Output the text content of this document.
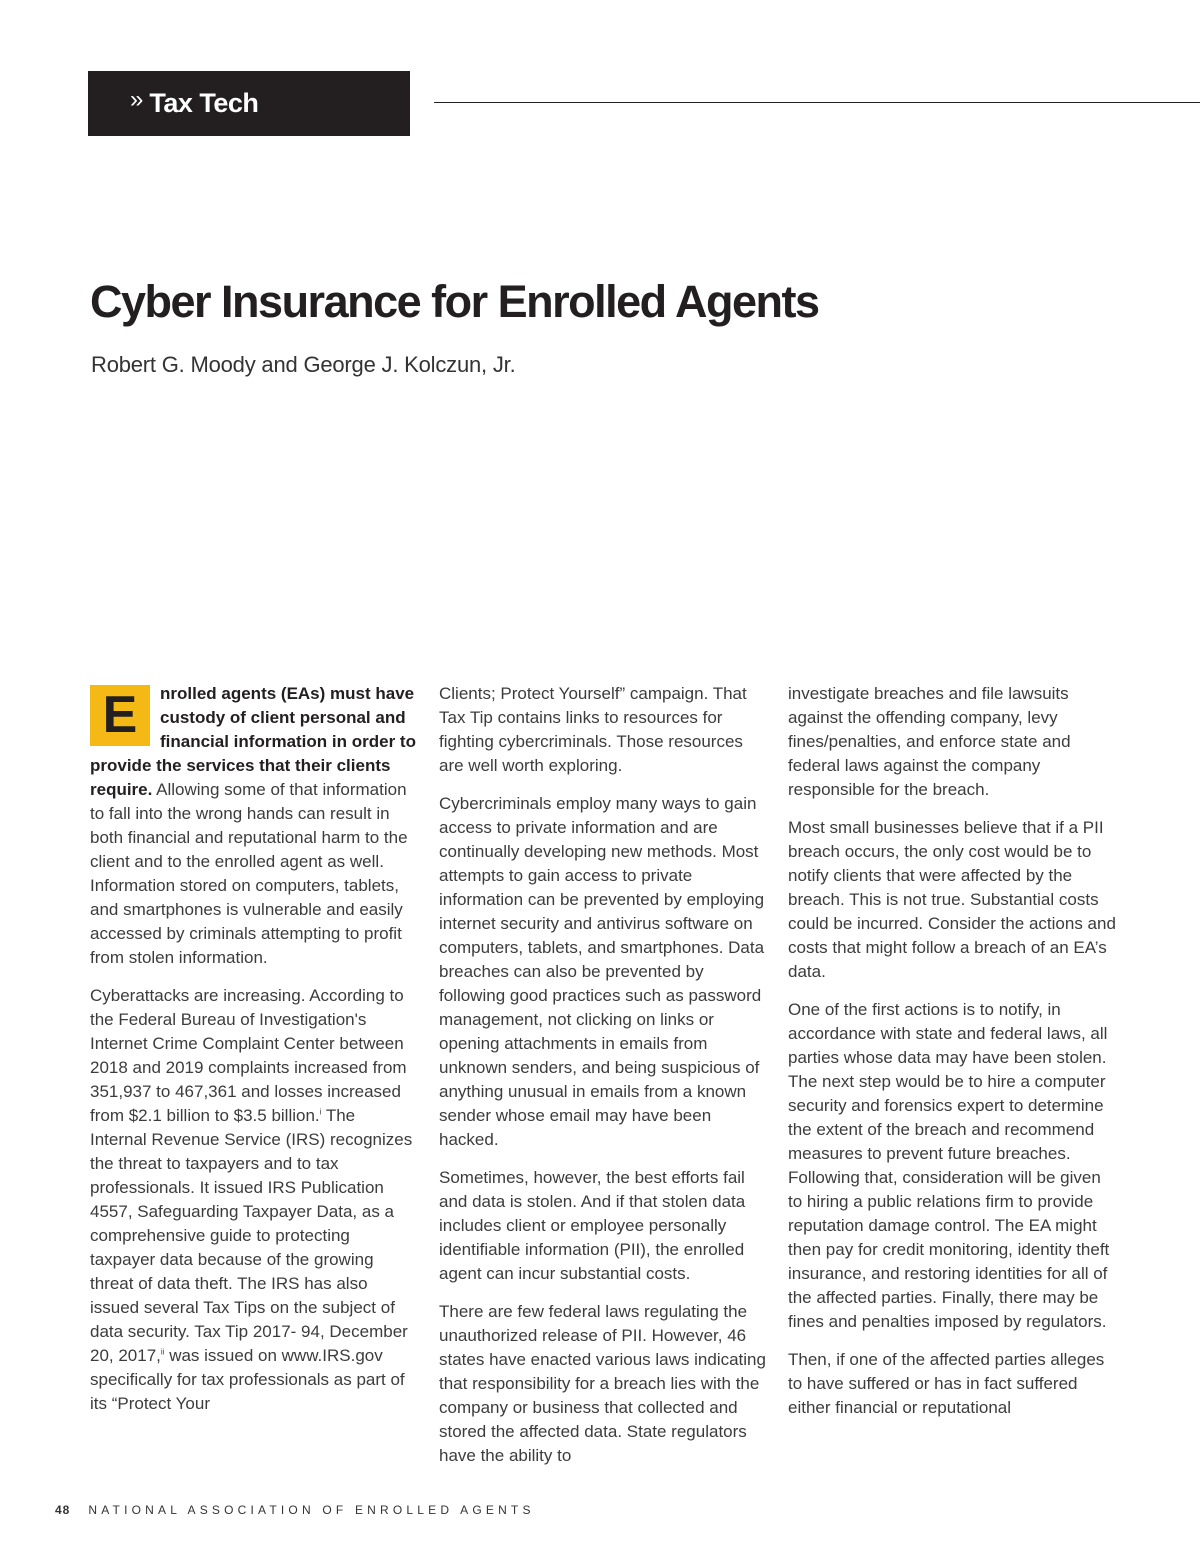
» Tax Tech
Cyber Insurance for Enrolled Agents

Robert G. Moody and George J. Kolczun, Jr.

E	nrolled agents (EAs) must have custody of client personal and financial information in order to provide the services that their clients require. Allowing some of that information to fall into the wrong hands can result in both financial and reputational harm to the client and to the enrolled agent as well. Information stored on computers, tablets, and smartphones is vulnerable and easily accessed by criminals attempting to profit from stolen information.

Cyberattacks are increasing. According to the Federal Bureau of Investigation's Internet Crime Complaint Center between 2018 and 2019 complaints increased from 351,937 to 467,361 and losses increased from $2.1 billion to $3.5 billion.$^i$ The Internal Revenue Service (IRS) recognizes the threat to taxpayers and to tax professionals. It issued IRS Publication 4557, Safeguarding Taxpayer Data, as a comprehensive guide to protecting taxpayer data because of the growing threat of data theft. The IRS has also issued several Tax Tips on the subject of data security. Tax Tip 2017- 94, December 20, 2017,$^{ii}$ was issued on www.IRS.gov specifically for tax professionals as part of its “Protect Your

Clients; Protect Yourself” campaign. That Tax Tip contains links to resources for fighting cybercriminals. Those resources are well worth exploring.

Cybercriminals employ many ways to gain access to private information and are continually developing new methods. Most attempts to gain access to private information can be prevented by employing internet security and antivirus software on computers, tablets, and smartphones. Data breaches can also be prevented by following good practices such as password management, not clicking on links or opening attachments in emails from unknown senders, and being suspicious of anything unusual in emails from a known sender whose email may have been hacked.

Sometimes, however, the best efforts fail and data is stolen. And if that stolen data includes client or employee personally identifiable information (PII), the enrolled agent can incur substantial costs.

There are few federal laws regulating the unauthorized release of PII. However, 46 states have enacted various laws indicating that responsibility for a breach lies with the company or business that collected and stored the affected data. State regulators have the ability to

investigate breaches and file lawsuits against the offending company, levy fines/penalties, and enforce state and federal laws against the company responsible for the breach.

Most small businesses believe that if a PII breach occurs, the only cost would be to notify clients that were affected by the breach. This is not true. Substantial costs could be incurred. Consider the actions and costs that might follow a breach of an EA’s data.

One of the first actions is to notify, in accordance with state and federal laws, all parties whose data may have been stolen. The next step would be to hire a computer security and forensics expert to determine the extent of the breach and recommend measures to prevent future breaches. Following that, consideration will be given to hiring a public relations firm to provide reputation damage control. The EA might then pay for credit monitoring, identity theft insurance, and restoring identities for all of the affected parties. Finally, there may be fines and penalties imposed by regulators.

Then, if one of the affected parties alleges to have suffered or has in fact suffered either financial or reputational

48 NATIONAL ASSOCIATION OF ENROLLED AGENTS
